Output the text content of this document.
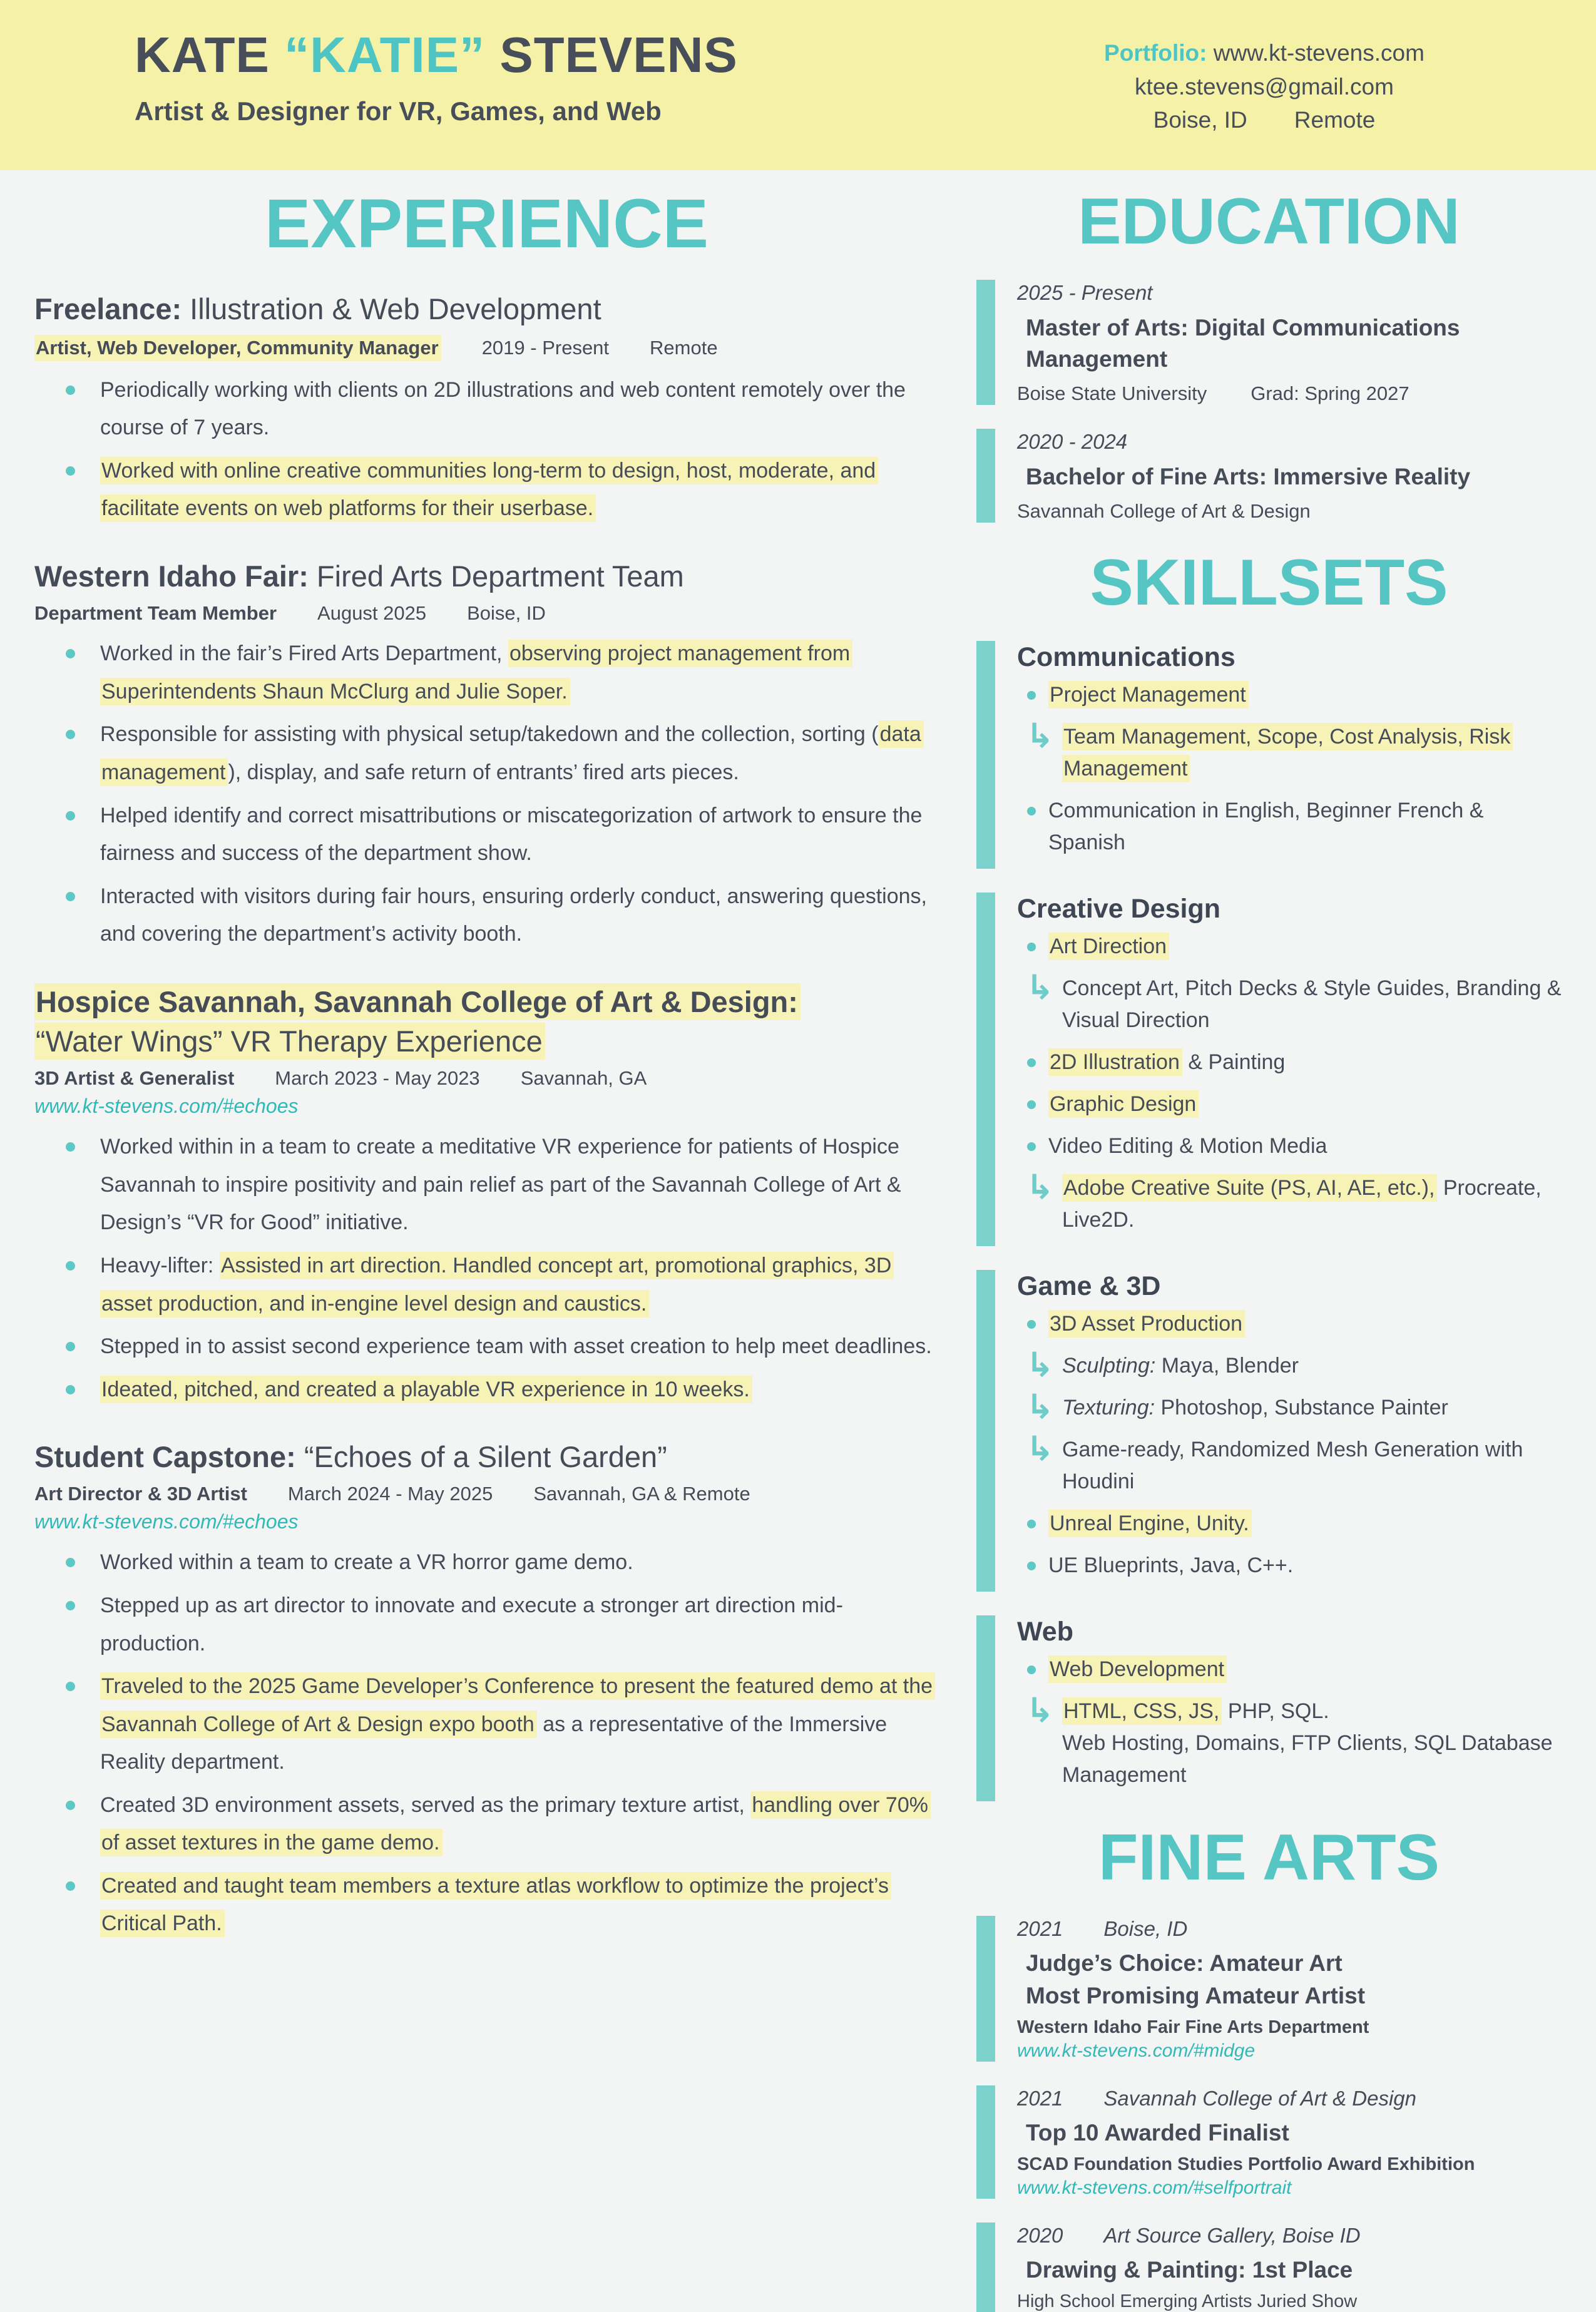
KATE “KATIE” STEVENS
Artist & Designer for VR, Games, and Web
Portfolio: www.kt-stevens.com
ktee.stevens@gmail.com
Boise, ID Remote
EXPERIENCE
Freelance: Illustration & Web Development
Artist, Web Developer, Community Manager 2019 - Present Remote
Periodically working with clients on 2D illustrations and web content remotely over the course of 7 years.
Worked with online creative communities long-term to design, host, moderate, and facilitate events on web platforms for their userbase.
Western Idaho Fair: Fired Arts Department Team
Department Team Member August 2025 Boise, ID
Worked in the fair’s Fired Arts Department, observing project management from Superintendents Shaun McClurg and Julie Soper.
Responsible for assisting with physical setup/takedown and the collection, sorting (data management ), display, and safe return of entrants’ fired arts pieces.
Helped identify and correct misattributions or miscategorization of artwork to ensure the fairness and success of the department show.
Interacted with visitors during fair hours, ensuring orderly conduct, answering questions, and covering the department’s activity booth.
Hospice Savannah, Savannah College of Art & Design:
“Water Wings” VR Therapy Experience
3D Artist & Generalist March 2023 - May 2023 Savannah, GA
www.kt-stevens.com/#echoes
Worked within in a team to create a meditative VR experience for patients of Hospice Savannah to inspire positivity and pain relief as part of the Savannah College of Art & Design’s “VR for Good” initiative.
Heavy-lifter: Assisted in art direction. Handled concept art, promotional graphics, 3D asset production, and in-engine level design and caustics.
Stepped in to assist second experience team with asset creation to help meet deadlines.
Ideated, pitched, and created a playable VR experience in 10 weeks.
Student Capstone: “Echoes of a Silent Garden”
Art Director & 3D Artist March 2024 - May 2025 Savannah, GA & Remote
www.kt-stevens.com/#echoes
Worked within a team to create a VR horror game demo.
Stepped up as art director to innovate and execute a stronger art direction mid-production.
Traveled to the 2025 Game Developer’s Conference to present the featured demo at the Savannah College of Art & Design expo booth as a representative of the Immersive Reality department.
Created 3D environment assets, served as the primary texture artist, handling over 70% of asset textures in the game demo.
Created and taught team members a texture atlas workflow to optimize the project’s Critical Path.
EDUCATION
2025 - Present
Master of Arts: Digital Communications Management
Boise State University Grad: Spring 2027
2020 - 2024
Bachelor of Fine Arts: Immersive Reality
Savannah College of Art & Design
SKILLSETS
Communications
Project Management
↳ Team Management, Scope, Cost Analysis, Risk Management
Communication in English, Beginner French & Spanish
Creative Design
Art Direction
↳ Concept Art, Pitch Decks & Style Guides, Branding & Visual Direction
2D Illustration & Painting
Graphic Design
Video Editing & Motion Media
↳ Adobe Creative Suite (PS, AI, AE, etc.), Procreate, Live2D.
Game & 3D
3D Asset Production
↳ Sculpting: Maya, Blender
↳ Texturing: Photoshop, Substance Painter
↳ Game-ready, Randomized Mesh Generation with Houdini
Unreal Engine, Unity.
UE Blueprints, Java, C++.
Web
Web Development
↳ HTML, CSS, JS, PHP, SQL.
Web Hosting, Domains, FTP Clients, SQL Database Management
FINE ARTS
2021 Boise, ID
Judge’s Choice: Amateur Art
Most Promising Amateur Artist
Western Idaho Fair Fine Arts Department
www.kt-stevens.com/#midge
2021 Savannah College of Art & Design
Top 10 Awarded Finalist
SCAD Foundation Studies Portfolio Award Exhibition
www.kt-stevens.com/#selfportrait
2020 Art Source Gallery, Boise ID
Drawing & Painting: 1st Place
High School Emerging Artists Juried Show
